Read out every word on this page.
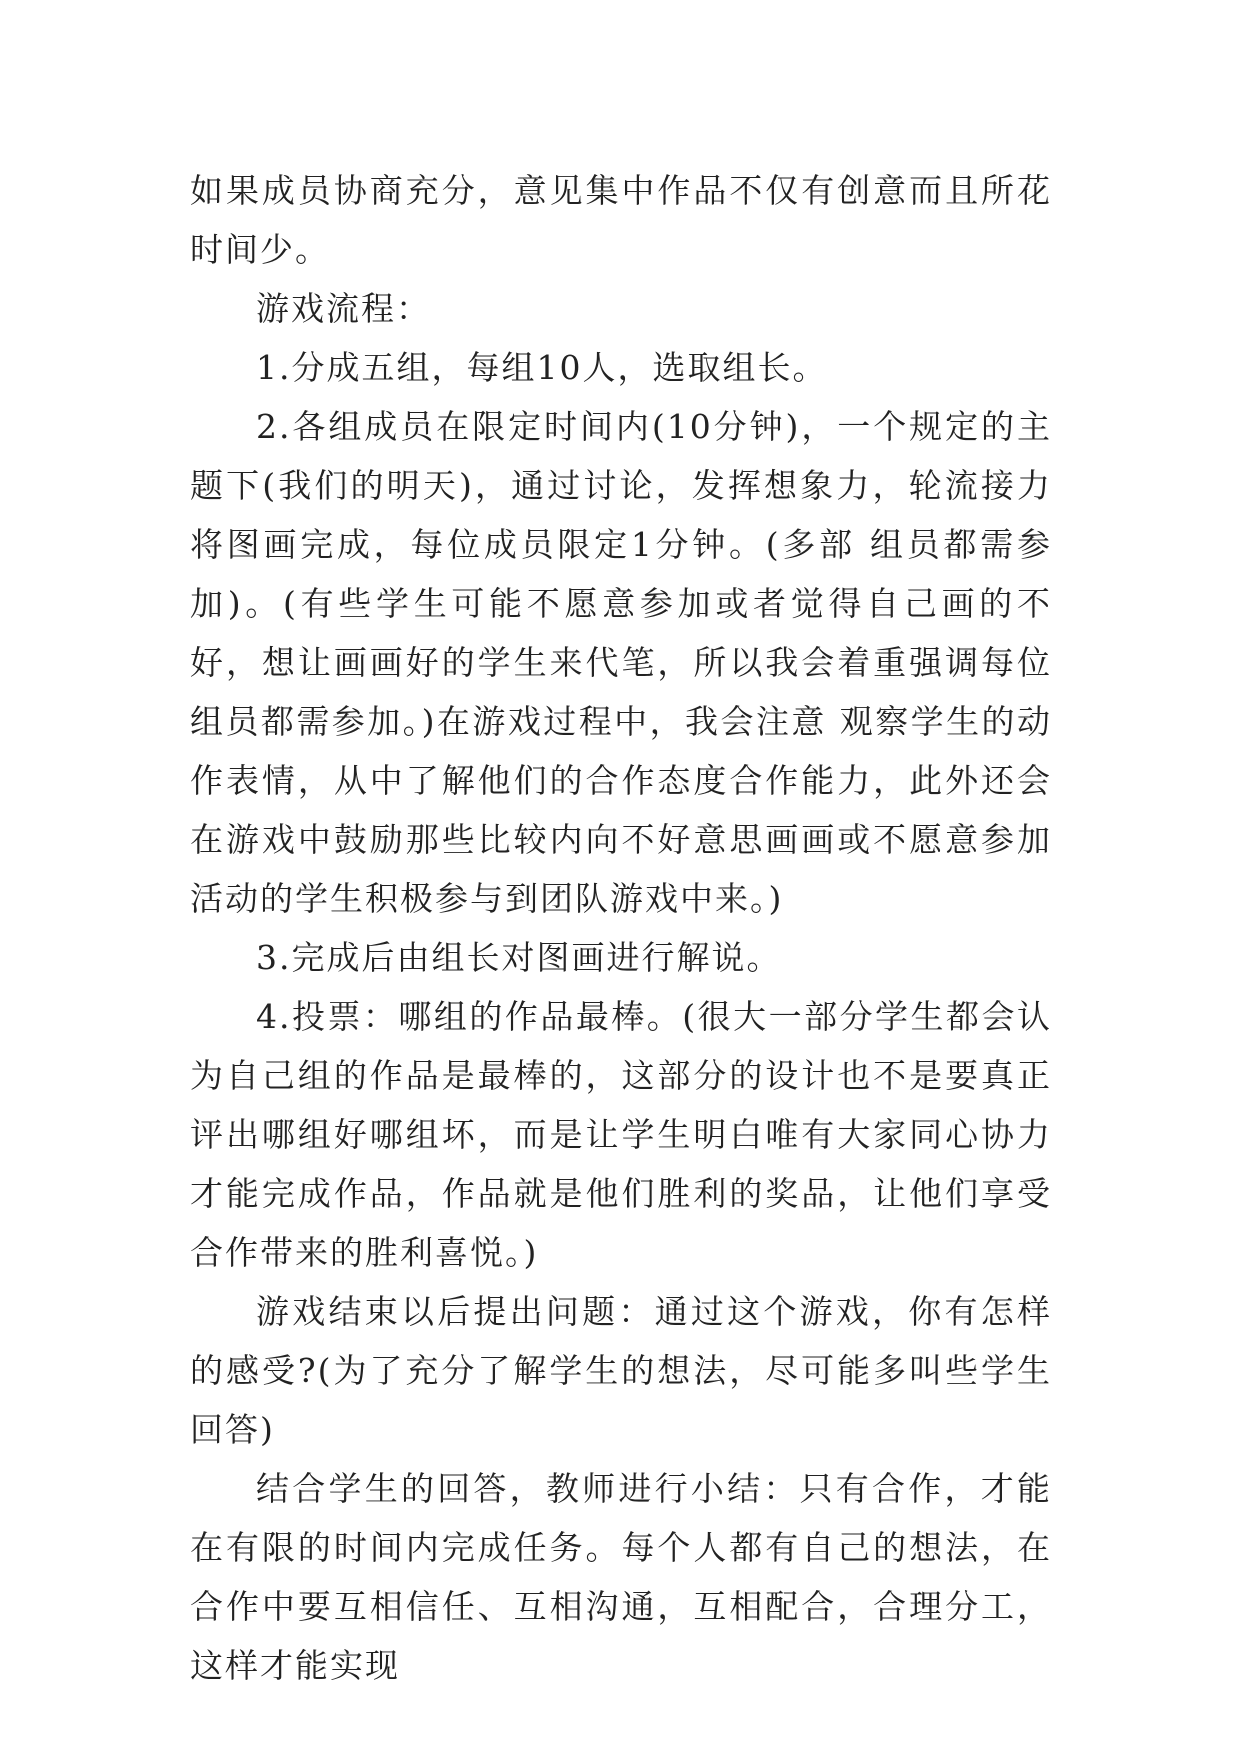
如果成员协商充分，意见集中作品不仅有创意而且所花时间少。

游戏流程：

1.分成五组，每组10人，选取组长。

2.各组成员在限定时间内(10分钟)，一个规定的主题下(我们的明天)，通过讨论，发挥想象力，轮流接力将图画完成，每位成员限定1分钟。(多部 组员都需参加)。(有些学生可能不愿意参加或者觉得自己画的不好，想让画画好的学生来代笔，所以我会着重强调每位组员都需参加。)在游戏过程中，我会注意 观察学生的动作表情，从中了解他们的合作态度合作能力，此外还会在游戏中鼓励那些比较内向不好意思画画或不愿意参加活动的学生积极参与到团队游戏中来。)

3.完成后由组长对图画进行解说。

4.投票：哪组的作品最棒。(很大一部分学生都会认为自己组的作品是最棒的，这部分的设计也不是要真正评出哪组好哪组坏，而是让学生明白唯有大家同心协力才能完成作品，作品就是他们胜利的奖品，让他们享受合作带来的胜利喜悦。)

游戏结束以后提出问题：通过这个游戏，你有怎样的感受?(为了充分了解学生的想法，尽可能多叫些学生回答)

结合学生的回答，教师进行小结：只有合作，才能在有限的时间内完成任务。每个人都有自己的想法，在合作中要互相信任、互相沟通，互相配合，合理分工，这样才能实现
